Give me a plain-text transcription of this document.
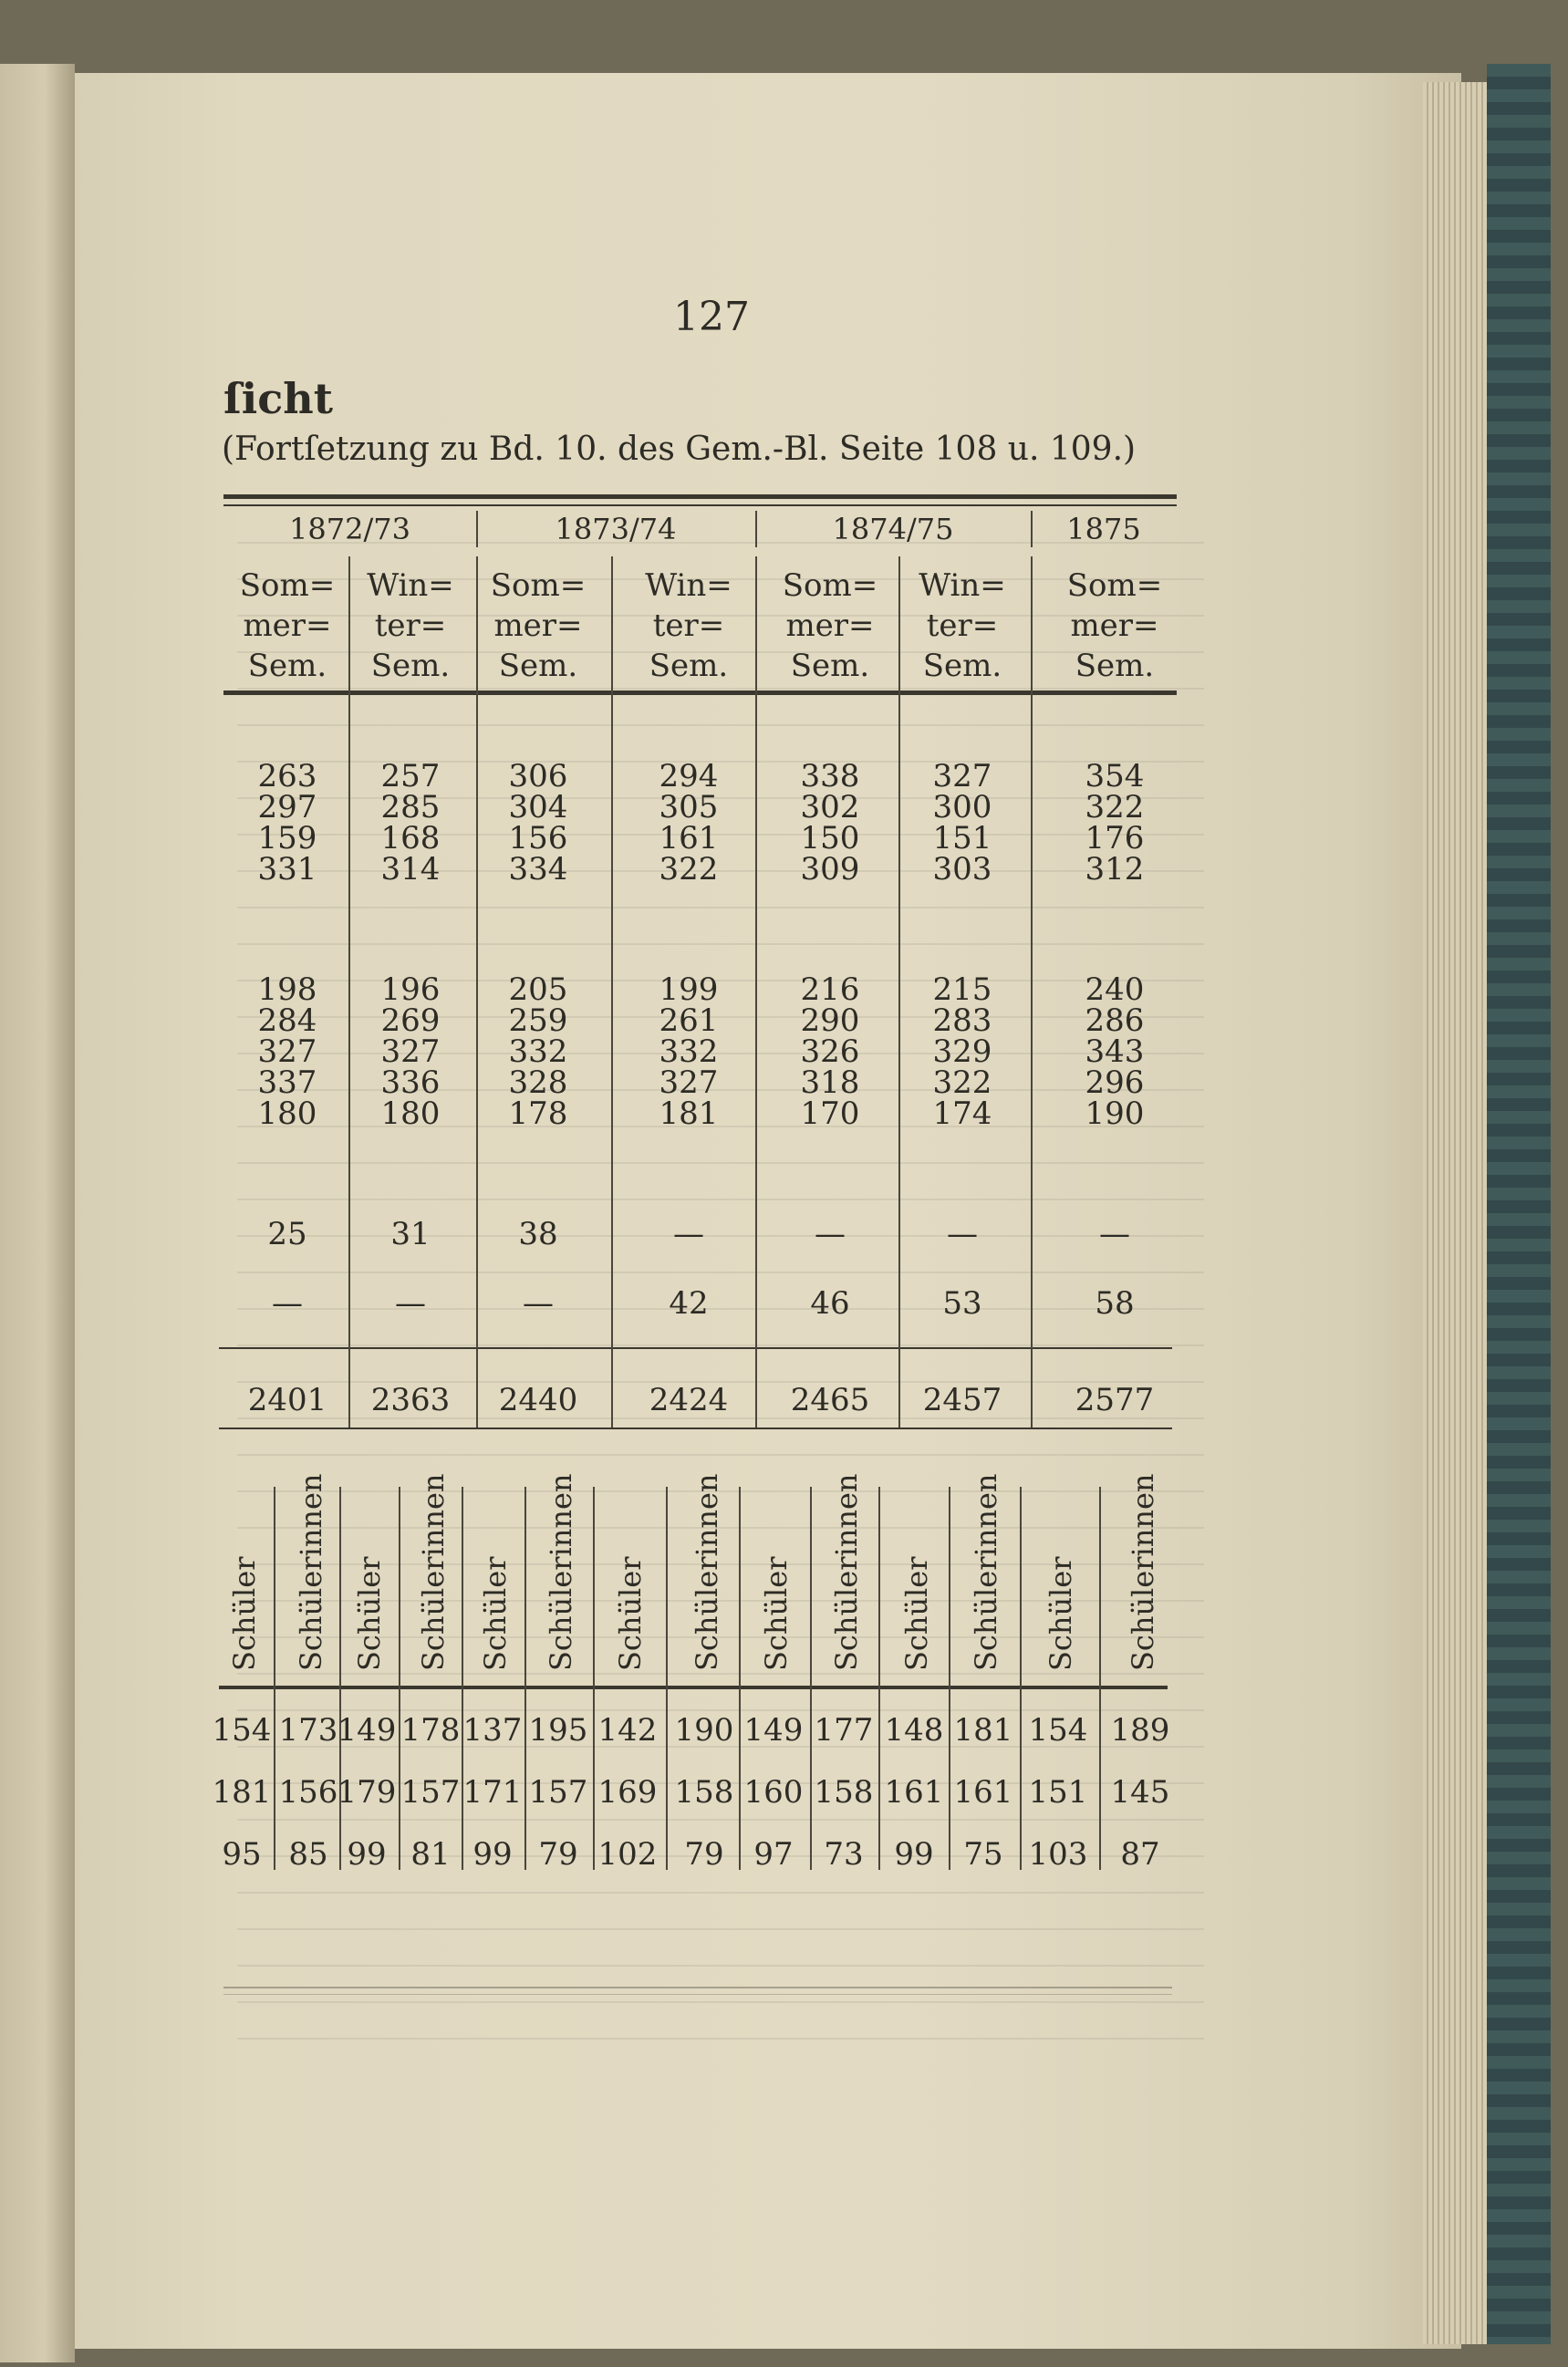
127
ſicht
(Fortſetzung zu Bd. 10. des Gem.-Bl. Seite 108 u. 109.)
1872/73	1873/74	1874/75	1875
Som=
mer=
Sem.
Win=
ter=
Sem.
Som=
mer=
Sem.
Win=
ter=
Sem.
Som=
mer=
Sem.
Win=
ter=
Sem.
Som=
mer=
Sem.
263	257	306	294	338	327	354
297	285	304	305	302	300	322
159	168	156	161	150	151	176
331	314	334	322	309	303	312
198	196	205	199	216	215	240
284	269	259	261	290	283	286
327	327	332	332	326	329	343
337	336	328	327	318	322	296
180	180	178	181	170	174	190
25	31	38	—	—	—	—
—	—	—	42	46	53	58
2401	2363	2440	2424	2465	2457	2577
Schüler Schülerinnen Schüler Schülerinnen Schüler Schülerinnen Schüler Schülerinnen Schüler Schülerinnen Schüler Schülerinnen Schüler Schülerinnen
154 173 149 178 137 195 142 190 149 177 148 181 154 189
181 156 179 157 171 157 169 158 160 158 161 161 151 145
95 85 99 81 99 79 102 79 97 73 99 75 103	87
